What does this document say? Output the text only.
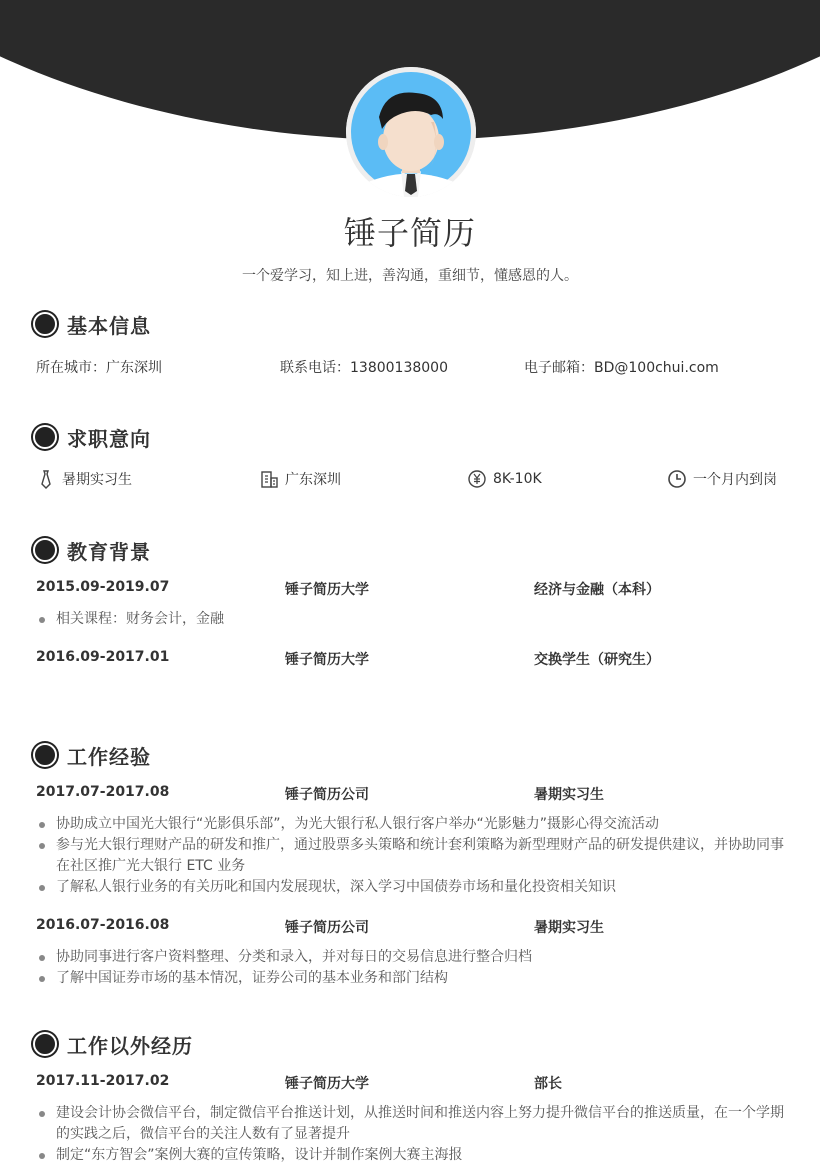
锤子简历
一个爱学习，知上进，善沟通，重细节，懂感恩的人。
基本信息
所在城市：广东深圳	联系电话：13800138000	电子邮箱：BD@100chui.com
求职意向
暑期实习生	广东深圳	8K-10K	一个月内到岗
教育背景
2015.09-2019.07	锤子简历大学	经济与金融（本科）
相关课程：财务会计，金融
2016.09-2017.01	锤子简历大学	交换学生（研究生）
工作经验
2017.07-2017.08	锤子简历公司	暑期实习生
协助成立中国光大银行“光影俱乐部”，为光大银行私人银行客户举办“光影魅力”摄影心得交流活动
参与光大银行理财产品的研发和推广，通过股票多头策略和统计套利策略为新型理财产品的研发提供建议，并协助同事在社区推广光大银行 ETC 业务
了解私人银行业务的有关历叱和国内发展现状，深入学习中国债券市场和量化投资相关知识
2016.07-2016.08	锤子简历公司	暑期实习生
协助同事进行客户资料整理、分类和录入，并对每日的交易信息进行整合归档
了解中国证券市场的基本情况，证券公司的基本业务和部门结构
工作以外经历
2017.11-2017.02	锤子简历大学	部长
建设会计协会微信平台，制定微信平台推送计划，从推送时间和推送内容上努力提升微信平台的推送质量，在一个学期的实践之后，微信平台的关注人数有了显著提升
制定“东方智会”案例大赛的宣传策略，设计并制作案例大赛主海报
